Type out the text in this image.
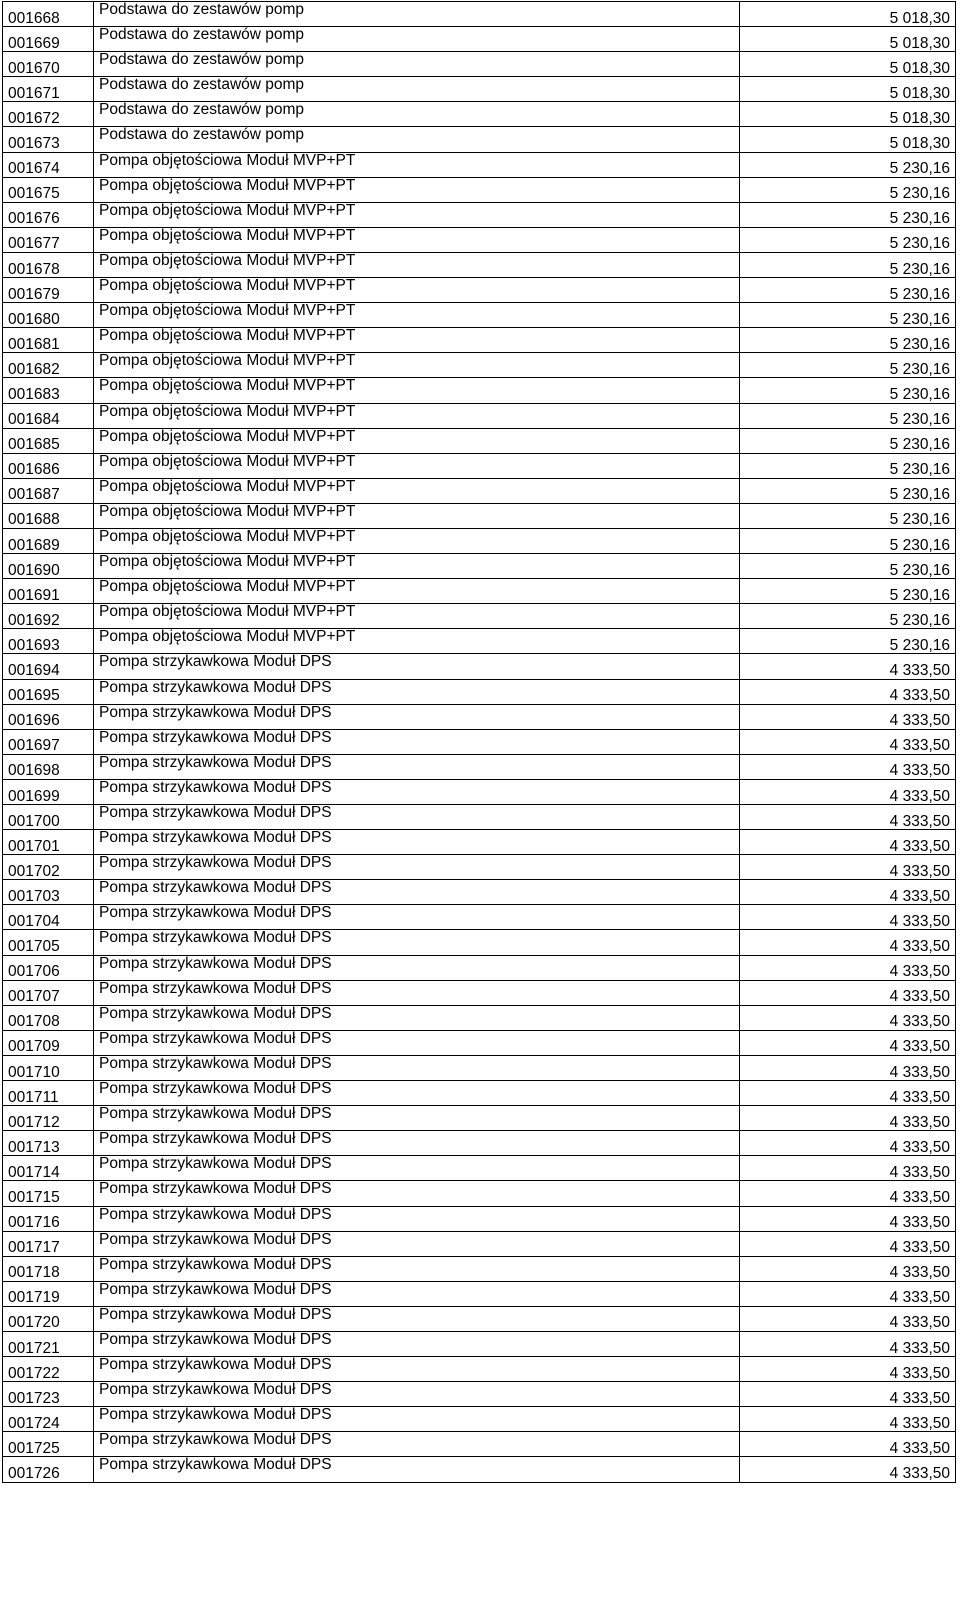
001668	Podstawa do zestawów pomp	5 018,30
001669	Podstawa do zestawów pomp	5 018,30
001670	Podstawa do zestawów pomp	5 018,30
001671	Podstawa do zestawów pomp	5 018,30
001672	Podstawa do zestawów pomp	5 018,30
001673	Podstawa do zestawów pomp	5 018,30
001674	Pompa objętościowa Moduł MVP+PT	5 230,16
001675	Pompa objętościowa Moduł MVP+PT	5 230,16
001676	Pompa objętościowa Moduł MVP+PT	5 230,16
001677	Pompa objętościowa Moduł MVP+PT	5 230,16
001678	Pompa objętościowa Moduł MVP+PT	5 230,16
001679	Pompa objętościowa Moduł MVP+PT	5 230,16
001680	Pompa objętościowa Moduł MVP+PT	5 230,16
001681	Pompa objętościowa Moduł MVP+PT	5 230,16
001682	Pompa objętościowa Moduł MVP+PT	5 230,16
001683	Pompa objętościowa Moduł MVP+PT	5 230,16
001684	Pompa objętościowa Moduł MVP+PT	5 230,16
001685	Pompa objętościowa Moduł MVP+PT	5 230,16
001686	Pompa objętościowa Moduł MVP+PT	5 230,16
001687	Pompa objętościowa Moduł MVP+PT	5 230,16
001688	Pompa objętościowa Moduł MVP+PT	5 230,16
001689	Pompa objętościowa Moduł MVP+PT	5 230,16
001690	Pompa objętościowa Moduł MVP+PT	5 230,16
001691	Pompa objętościowa Moduł MVP+PT	5 230,16
001692	Pompa objętościowa Moduł MVP+PT	5 230,16
001693	Pompa objętościowa Moduł MVP+PT	5 230,16
001694	Pompa strzykawkowa Moduł DPS	4 333,50
001695	Pompa strzykawkowa Moduł DPS	4 333,50
001696	Pompa strzykawkowa Moduł DPS	4 333,50
001697	Pompa strzykawkowa Moduł DPS	4 333,50
001698	Pompa strzykawkowa Moduł DPS	4 333,50
001699	Pompa strzykawkowa Moduł DPS	4 333,50
001700	Pompa strzykawkowa Moduł DPS	4 333,50
001701	Pompa strzykawkowa Moduł DPS	4 333,50
001702	Pompa strzykawkowa Moduł DPS	4 333,50
001703	Pompa strzykawkowa Moduł DPS	4 333,50
001704	Pompa strzykawkowa Moduł DPS	4 333,50
001705	Pompa strzykawkowa Moduł DPS	4 333,50
001706	Pompa strzykawkowa Moduł DPS	4 333,50
001707	Pompa strzykawkowa Moduł DPS	4 333,50
001708	Pompa strzykawkowa Moduł DPS	4 333,50
001709	Pompa strzykawkowa Moduł DPS	4 333,50
001710	Pompa strzykawkowa Moduł DPS	4 333,50
001711	Pompa strzykawkowa Moduł DPS	4 333,50
001712	Pompa strzykawkowa Moduł DPS	4 333,50
001713	Pompa strzykawkowa Moduł DPS	4 333,50
001714	Pompa strzykawkowa Moduł DPS	4 333,50
001715	Pompa strzykawkowa Moduł DPS	4 333,50
001716	Pompa strzykawkowa Moduł DPS	4 333,50
001717	Pompa strzykawkowa Moduł DPS	4 333,50
001718	Pompa strzykawkowa Moduł DPS	4 333,50
001719	Pompa strzykawkowa Moduł DPS	4 333,50
001720	Pompa strzykawkowa Moduł DPS	4 333,50
001721	Pompa strzykawkowa Moduł DPS	4 333,50
001722	Pompa strzykawkowa Moduł DPS	4 333,50
001723	Pompa strzykawkowa Moduł DPS	4 333,50
001724	Pompa strzykawkowa Moduł DPS	4 333,50
001725	Pompa strzykawkowa Moduł DPS	4 333,50
001726	Pompa strzykawkowa Moduł DPS	4 333,50
